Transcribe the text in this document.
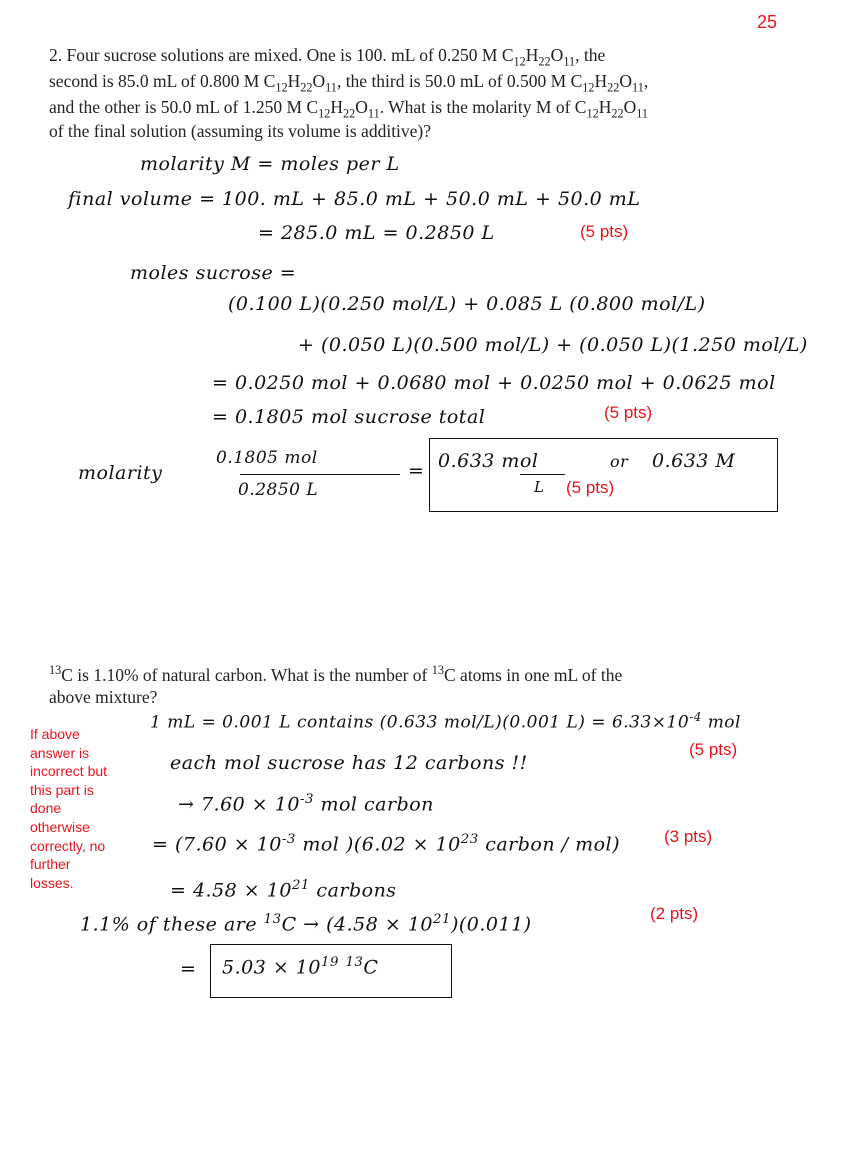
25
2. Four sucrose solutions are mixed. One is 100. mL of 0.250 M $C_{12}H_{22}O_{11}$, the
second is 85.0 mL of 0.800 M $C_{12}H_{22}O_{11}$, the third is 50.0 mL of 0.500 M $C_{12}H_{22}O_{11}$,
and the other is 50.0 mL of 1.250 M $C_{12}H_{22}O_{11}$. What is the molarity M of $C_{12}H_{22}O_{11}$
of the final solution (assuming its volume is additive)?
molarity M = moles per L
final volume = 100. mL + 85.0 mL + 50.0 mL + 50.0 mL
= 285.0 mL = 0.2850 L	(5 pts)
moles sucrose =
(0.100 L)(0.250 mol/L) + 0.085 L (0.800 mol/L)
+ (0.050 L)(0.500 mol/L) + (0.050 L)(1.250 mol/L)
= 0.0250 mol + 0.0680 mol + 0.0250 mol + 0.0625 mol
= 0.1805 mol sucrose total	(5 pts)
molarity
0.1805 mol
0.2850 L
= 0.633 mol
L
or 0.633 M
(5 pts)
$^{13}$C is 1.10% of natural carbon. What is the number of $^{13}$C atoms in one mL of the
above mixture?
If above
answer is
incorrect but
this part is
done
otherwise
correctly, no
further
losses.
1 mL = 0.001 L contains (0.633 mol/L)(0.001 $L) = 6.33\times 10^{-4}$ mol
each mol sucrose has 12 carbons !!
(5 pts)
→ $7.60 \times 10^{-3}$ mol carbon
= ($7.60 \times 10^{-3}$ mol )($6.02 \times 10^{23}$ carbon / mol)	(3 pts)
= $4.58 \times 10^{21}$ carbons
1.1% of these are $^{13}C \to (4.58 \times 10^{21})(0.011)$	(2 pts)
= $5.03 \times 10^{19}$ $^{13}$C
